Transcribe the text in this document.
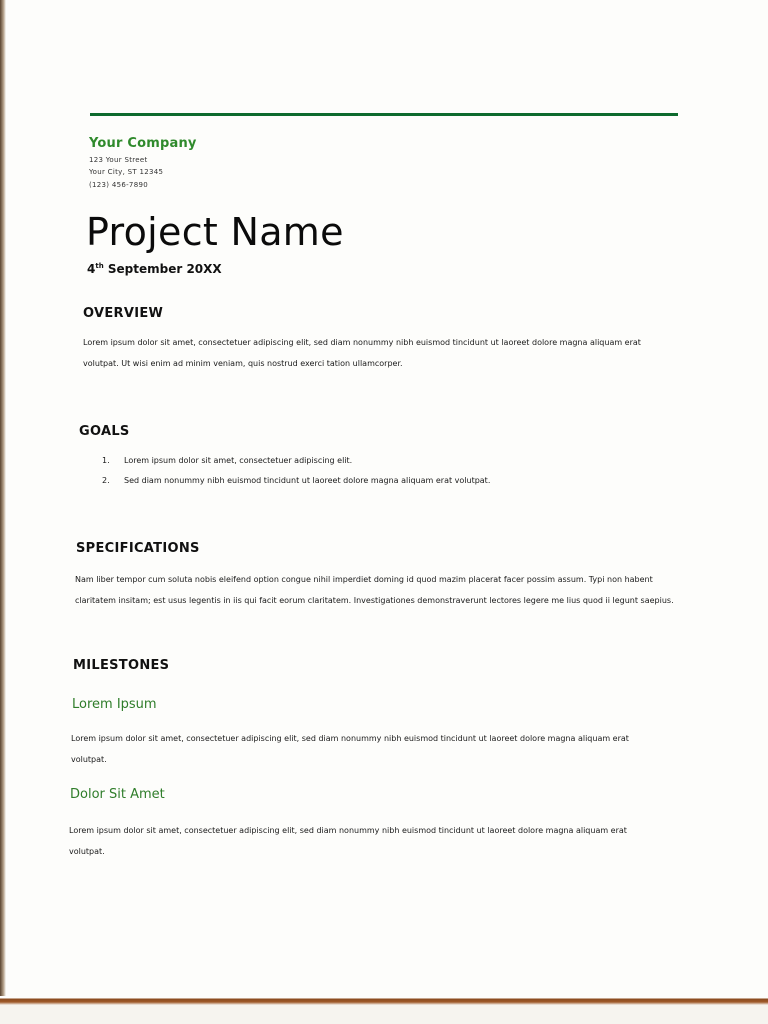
Your Company
123 Your Street
Your City, ST 12345
(123) 456-7890
Project Name
4th September 20XX
OVERVIEW

Lorem ipsum dolor sit amet, consectetuer adipiscing elit, sed diam nonummy nibh euismod tincidunt ut laoreet dolore magna aliquam erat volutpat. Ut wisi enim ad minim veniam, quis nostrud exerci tation ullamcorper.

GOALS
1. Lorem ipsum dolor sit amet, consectetuer adipiscing elit.
2. Sed diam nonummy nibh euismod tincidunt ut laoreet dolore magna aliquam erat volutpat.
SPECIFICATIONS

Nam liber tempor cum soluta nobis eleifend option congue nihil imperdiet doming id quod mazim placerat facer possim assum. Typi non habent claritatem insitam; est usus legentis in iis qui facit eorum claritatem. Investigationes demonstraverunt lectores legere me lius quod ii legunt saepius.

MILESTONES
Lorem Ipsum

Lorem ipsum dolor sit amet, consectetuer adipiscing elit, sed diam nonummy nibh euismod tincidunt ut laoreet dolore magna aliquam erat volutpat.

Dolor Sit Amet

Lorem ipsum dolor sit amet, consectetuer adipiscing elit, sed diam nonummy nibh euismod tincidunt ut laoreet dolore magna aliquam erat volutpat.
